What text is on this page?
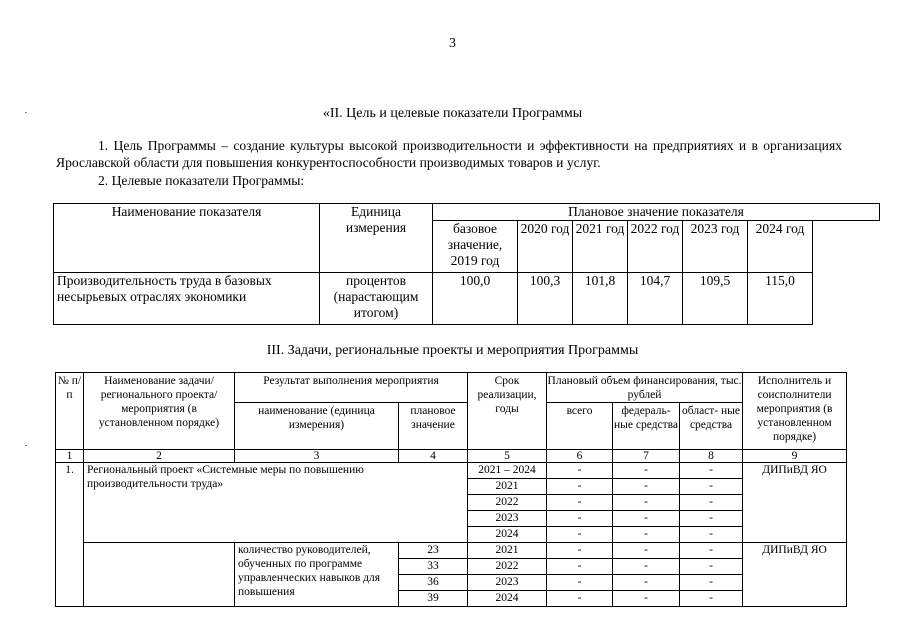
3
«II. Цель и целевые показатели Программы
1. Цель Программы – создание культуры высокой производительности и эффективности на предприятиях и в организациях Ярославской области для повышения конкурентоспособности производимых товаров и услуг.
2. Целевые показатели Программы:
Наименование показателя	Единица измерения	Плановое значение показателя					
		базовое значение, 2019 год	2020 год	2021 год	2022 год	2023 год	2024 год
Производительность труда в базовых несырьевых отраслях экономики	процентов (нарастающим итогом)	100,0	100,3	101,8	104,7	109,5	115,0
III. Задачи, региональные проекты и мероприятия Программы
№ п/п	Наименование задачи/ регионального проекта/ мероприятия (в установленном порядке)	Результат выполнения мероприятия		Срок реализации, годы	Плановый объем финансирования, тыс. рублей			Исполнитель и соисполнители мероприятия (в установленном порядке)
		наименование (единица измерения)	плановое значение		всего	федераль- ные средства	област- ные средства	
1	2	3	4	5	6	7	8	9
1.	Региональный проект «Системные меры по повышению производительности труда»			2021 – 2024	-	-	-	ДИПиВД ЯО
				2021	-	-	-	
				2022	-	-	-	
				2023	-	-	-	
				2024	-	-	-	
		количество руководителей, обученных по программе управленческих навыков для повышения	23	2021	-	-	-	ДИПиВД ЯО
			33	2022	-	-	-	
			36	2023	-	-	-	
			39	2024	-	-	-	
